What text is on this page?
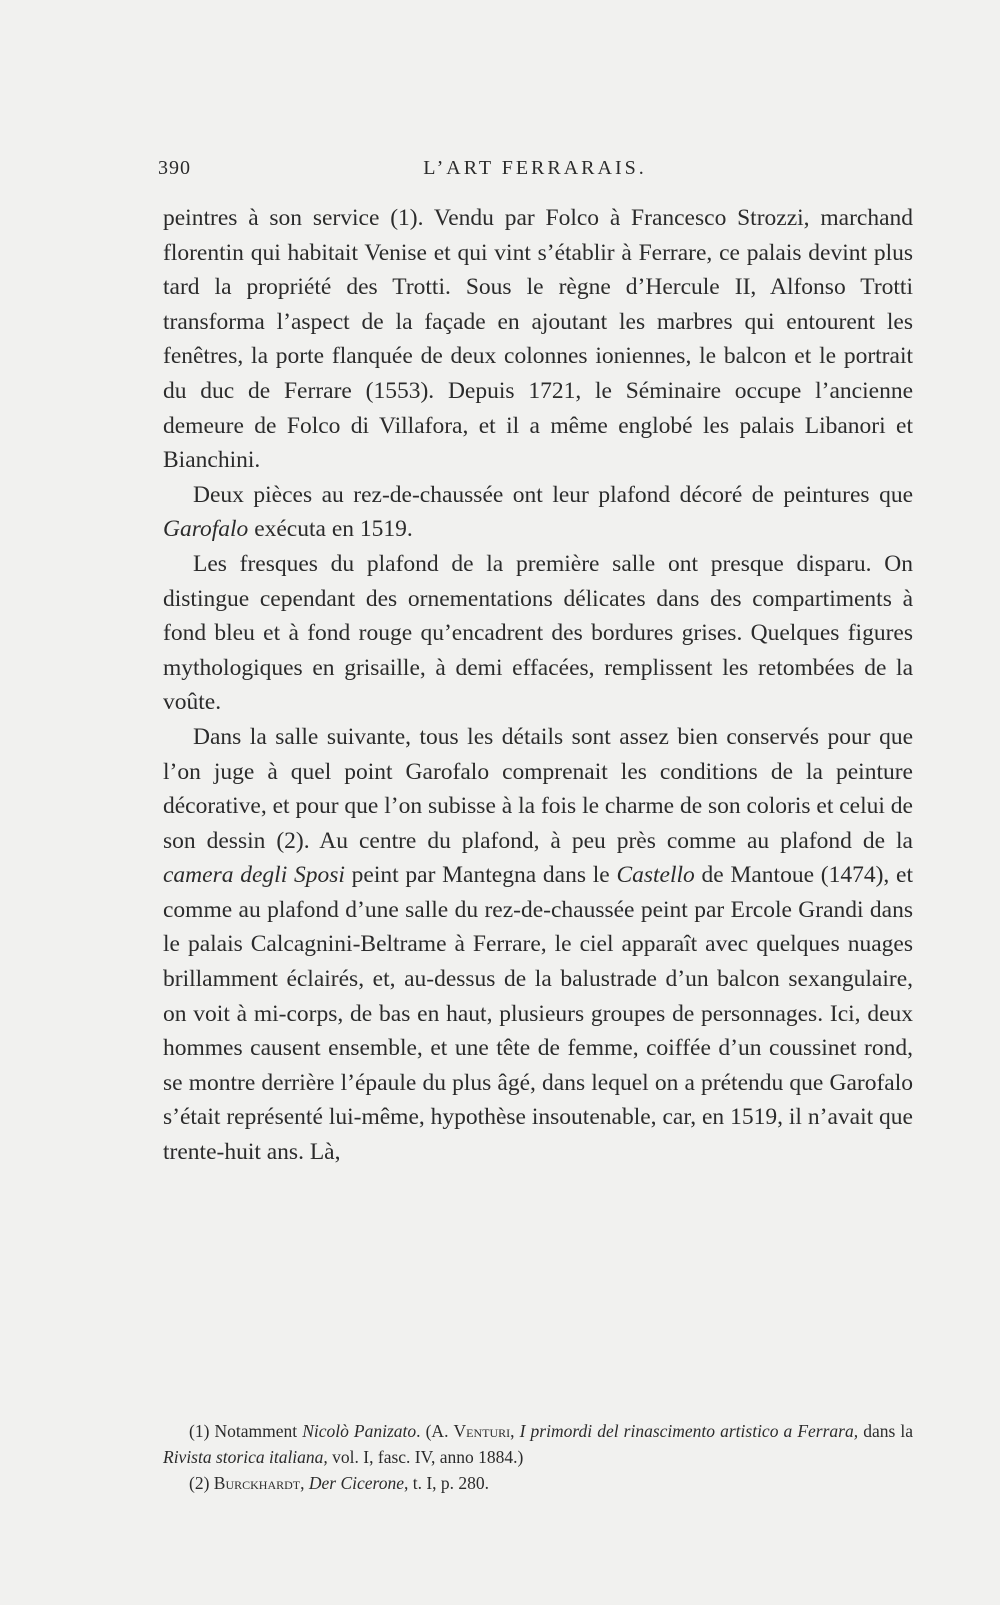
390	L’ART FERRARAIS.

peintres à son service (1). Vendu par Folco à Francesco Strozzi, marchand florentin qui habitait Venise et qui vint s’établir à Ferrare, ce palais devint plus tard la propriété des Trotti. Sous le règne d’Hercule II, Alfonso Trotti transforma l’aspect de la façade en ajoutant les marbres qui entourent les fenêtres, la porte flanquée de deux colonnes ioniennes, le balcon et le portrait du duc de Ferrare (1553). Depuis 1721, le Séminaire occupe l’ancienne demeure de Folco di Villafora, et il a même englobé les palais Libanori et Bianchini.

Deux pièces au rez-de-chaussée ont leur plafond décoré de peintures que Garofalo exécuta en 1519.

Les fresques du plafond de la première salle ont presque disparu. On distingue cependant des ornementations délicates dans des compartiments à fond bleu et à fond rouge qu’encadrent des bordures grises. Quelques figures mythologiques en grisaille, à demi effacées, remplissent les retombées de la voûte.

Dans la salle suivante, tous les détails sont assez bien conservés pour que l’on juge à quel point Garofalo comprenait les conditions de la peinture décorative, et pour que l’on subisse à la fois le charme de son coloris et celui de son dessin (2). Au centre du plafond, à peu près comme au plafond de la camera degli Sposi peint par Mantegna dans le Castello de Mantoue (1474), et comme au plafond d’une salle du rez-de-chaussée peint par Ercole Grandi dans le palais Calcagnini-Beltrame à Ferrare, le ciel apparaît avec quelques nuages brillamment éclairés, et, au-dessus de la balustrade d’un balcon sexangulaire, on voit à mi-corps, de bas en haut, plusieurs groupes de personnages. Ici, deux hommes causent ensemble, et une tête de femme, coiffée d’un coussinet rond, se montre derrière l’épaule du plus âgé, dans lequel on a prétendu que Garofalo s’était représenté lui-même, hypothèse insoutenable, car, en 1519, il n’avait que trente-huit ans. Là,

(1) Notamment Nicolò Panizato. (A. Venturi, I primordi del rinascimento artistico a Ferrara, dans la Rivista storica italiana, vol. I, fasc. IV, anno 1884.)

(2) Burckhardt, Der Cicerone, t. I, p. 280.
